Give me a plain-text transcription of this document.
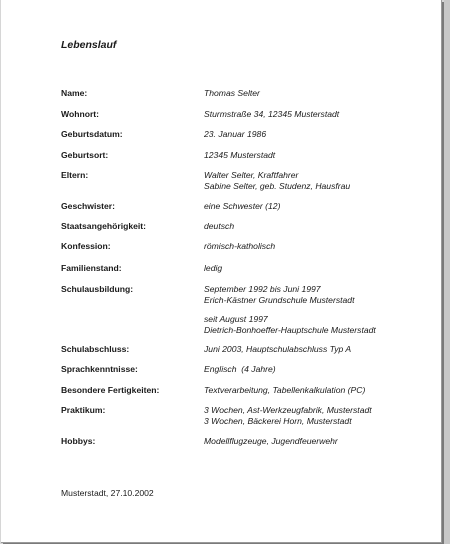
Lebenslauf
Name:	Thomas Selter
Wohnort:	Sturmstraße 34, 12345 Musterstadt
Geburtsdatum:	23. Januar 1986
Geburtsort:	12345 Musterstadt
Eltern:	Walter Selter, Kraftfahrer
Sabine Selter, geb. Studenz, Hausfrau
Geschwister:	eine Schwester (12)
Staatsangehörigkeit:	deutsch
Konfession:	römisch-katholisch
Familienstand:	ledig
Schulausbildung:	September 1992 bis Juni 1997
Erich-Kästner Grundschule Musterstadt
seit August 1997
Dietrich-Bonhoeffer-Hauptschule Musterstadt
Schulabschluss:	Juni 2003, Hauptschulabschluss Typ A
Sprachkenntnisse:	Englisch  (4 Jahre)
Besondere Fertigkeiten:	Textverarbeitung, Tabellenkalkulation (PC)
Praktikum:	3 Wochen, Ast-Werkzeugfabrik, Musterstadt
3 Wochen, Bäckerei Horn, Musterstadt
Hobbys:	Modellflugzeuge, Jugendfeuerwehr
Musterstadt, 27.10.2002
